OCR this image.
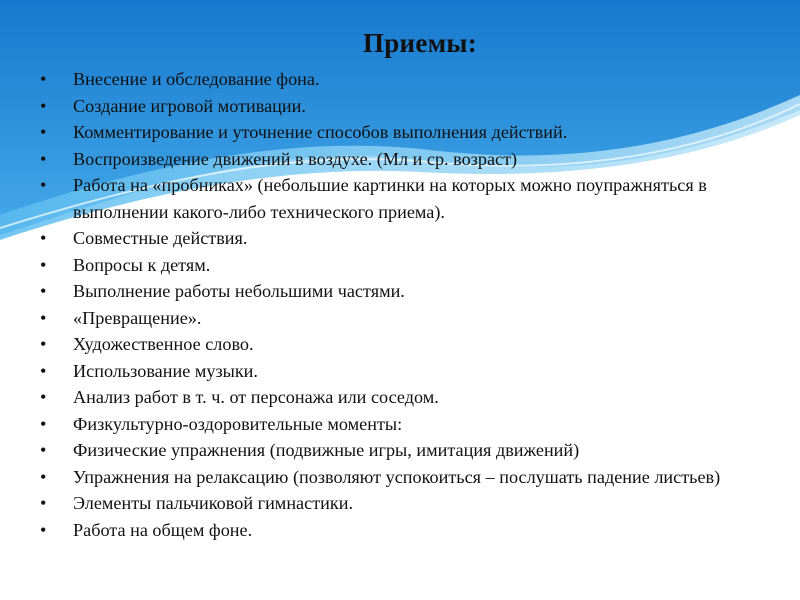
Приемы:
•	Внесение и обследование фона.
•	Создание игровой мотивации.
•	Комментирование и уточнение способов выполнения действий.
•	Воспроизведение движений в воздухе. (Мл и ср. возраст)
•	Работа на «пробниках» (небольшие картинки на которых можно поупражняться в выполнении какого-либо технического приема).
•	Совместные действия.
•	Вопросы к детям.
•	Выполнение работы небольшими частями.
•	«Превращение».
•	Художественное слово.
•	Использование музыки.
•	Анализ работ в т. ч. от персонажа или соседом.
•	Физкультурно-оздоровительные моменты:
•	Физические упражнения (подвижные игры, имитация движений)
•	Упражнения на релаксацию (позволяют успокоиться – послушать падение листьев)
•	Элементы пальчиковой гимнастики.
•	Работа на общем фоне.
